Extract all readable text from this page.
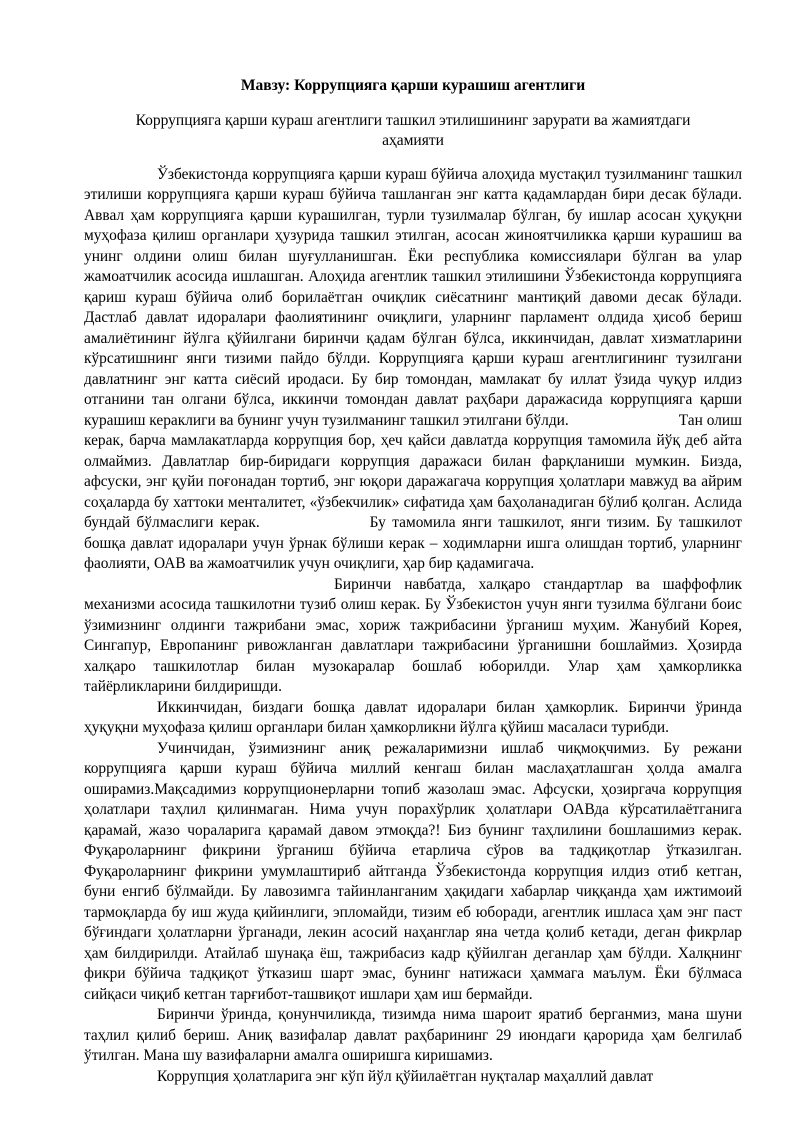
Мавзу: Коррупцияга қарши курашиш агентлиги
Коррупцияга қарши кураш агентлиги ташкил этилишининг зарурати ва жамиятдаги аҳамияти

Ўзбекистонда коррупцияга қарши кураш бўйича алоҳида мустақил тузилманинг ташкил этилиши коррупцияга қарши кураш бўйича ташланган энг катта қадамлардан бири десак бўлади. Аввал ҳам коррупцияга қарши курашилган, турли тузилмалар бўлган, бу ишлар асосан ҳуқуқни муҳофаза қилиш органлари ҳузурида ташкил этилган, асосан жиноятчиликка қарши курашиш ва унинг олдини олиш билан шуғулланишган. Ёки республика комиссиялари бўлган ва улар жамоатчилик асосида ишлашган. Алоҳида агентлик ташкил этилишини Ўзбекистонда коррупцияга қариш кураш бўйича олиб борилаётган очиқлик сиёсатнинг мантиқий давоми десак бўлади. Дастлаб давлат идоралари фаолиятининг очиқлиги, уларнинг парламент олдида ҳисоб бериш амалиётининг йўлга қўйилгани биринчи қадам бўлган бўлса, иккинчидан, давлат хизматларини кўрсатишнинг янги тизими пайдо бўлди. Коррупцияга қарши кураш агентлигининг тузилгани давлатнинг энг катта сиёсий иродаси. Бу бир томондан, мамлакат бу иллат ўзида чуқур илдиз отганини тан олгани бўлса, иккинчи томондан давлат раҳбари даражасида коррупцияга қарши курашиш кераклиги ва бунинг учун тузилманинг ташкил этилгани бўлди.	Тан олиш керак, барча мамлакатларда коррупция бор, ҳеч қайси давлатда коррупция тамомила йўқ деб айта олмаймиз. Давлатлар бир-биридаги коррупция даражаси билан фарқланиши мумкин. Бизда, афсуски, энг қуйи поғонадан тортиб, энг юқори даражагача коррупция ҳолатлари мавжуд ва айрим соҳаларда бу хаттоки менталитет, «ўзбекчилик» сифатида ҳам баҳоланадиган бўлиб қолган. Аслида бундай бўлмаслиги керак.	Бу тамомила янги ташкилот, янги тизим. Бу ташкилот бошқа давлат идоралари учун ўрнак бўлиши керак – ходимларни ишга олишдан тортиб, уларнинг фаолияти, ОАВ ва жамоатчилик учун очиқлиги, ҳар бир қадамигача.

Биринчи навбатда, халқаро стандартлар ва шаффофлик механизми асосида ташкилотни тузиб олиш керак. Бу Ўзбекистон учун янги тузилма бўлгани боис ўзимизнинг олдинги тажрибани эмас, хориж тажрибасини ўрганиш муҳим. Жанубий Корея, Сингапур, Европанинг ривожланган давлатлари тажрибасини ўрганишни бошлаймиз. Ҳозирда халқаро ташкилотлар билан музокаралар бошлаб юборилди. Улар ҳам ҳамкорликка тайёрликларини билдиришди.

Иккинчидан, биздаги бошқа давлат идоралари билан ҳамкорлик. Биринчи ўринда ҳуқуқни муҳофаза қилиш органлари билан ҳамкорликни йўлга қўйиш масаласи турибди.

Учинчидан, ўзимизнинг аниқ режаларимизни ишлаб чиқмоқчимиз. Бу режани коррупцияга қарши кураш бўйича миллий кенгаш билан маслаҳатлашган ҳолда амалга оширамиз.Мақсадимиз коррупционерларни топиб жазолаш эмас. Афсуски, ҳозиргача коррупция ҳолатлари таҳлил қилинмаган. Нима учун порахўрлик ҳолатлари ОАВда кўрсатилаётганига қарамай, жазо чораларига қарамай давом этмоқда?! Биз бунинг таҳлилини бошлашимиз керак. Фуқароларнинг фикрини ўрганиш бўйича етарлича сўров ва тадқиқотлар ўтказилган. Фуқароларнинг фикрини умумлаштириб айтганда Ўзбекистонда коррупция илдиз отиб кетган, буни енгиб бўлмайди. Бу лавозимга тайинланганим ҳақидаги хабарлар чиққанда ҳам ижтимоий тармоқларда бу иш жуда қийинлиги, эпломайди, тизим еб юборади, агентлик ишласа ҳам энг паст бўғиндаги ҳолатларни ўрганади, лекин асосий наҳанглар яна четда қолиб кетади, деган фикрлар ҳам билдирилди. Атайлаб шунақа ёш, тажрибасиз кадр қўйилган деганлар ҳам бўлди. Халқнинг фикри бўйича тадқиқот ўтказиш шарт эмас, бунинг натижаси ҳаммага маълум. Ёки бўлмаса сийқаси чиқиб кетган тарғибот-ташвиқот ишлари ҳам иш бермайди.

Биринчи ўринда, қонунчиликда, тизимда нима шароит яратиб берганмиз, мана шуни таҳлил қилиб бериш. Аниқ вазифалар давлат раҳбарининг 29 июндаги қарорида ҳам белгилаб ўтилган. Мана шу вазифаларни амалга оширишга киришамиз.

Коррупция ҳолатларига энг кўп йўл қўйилаётган нуқталар маҳаллий давлат
